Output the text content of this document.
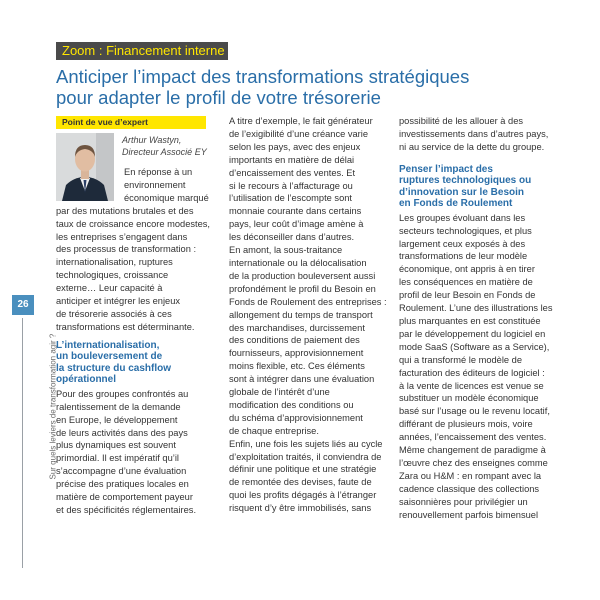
26
Sur quels leviers de transformation agir ?
Zoom : Financement interne
Anticiper l’impact des transformations stratégiques
pour adapter le profil de votre trésorerie
Point de vue d’expert
Arthur Wastyn,
Directeur Associé EY
En réponse à un
environnement
économique marqué
par des mutations brutales et des
taux de croissance encore modestes,
les entreprises s’engagent dans
des processus de transformation :
internationalisation, ruptures
technologiques, croissance
externe… Leur capacité à
anticiper et intégrer les enjeux
de trésorerie associés à ces
transformations est déterminante.
L’internationalisation,
un bouleversement de
la structure du cashflow
opérationnel
Pour des groupes confrontés au
ralentissement de la demande
en Europe, le développement
de leurs activités dans des pays
plus dynamiques est souvent
primordial. Il est impératif qu’il
s’accompagne d’une évaluation
précise des pratiques locales en
matière de comportement payeur
et des spécificités réglementaires.
A titre d’exemple, le fait générateur
de l’exigibilité d’une créance varie
selon les pays, avec des enjeux
importants en matière de délai
d’encaissement des ventes. Et
si le recours à l’affacturage ou
l’utilisation de l’escompte sont
monnaie courante dans certains
pays, leur coût d’image amène à
les déconseiller dans d’autres.
En amont, la sous-traitance
internationale ou la délocalisation
de la production bouleversent aussi
profondément le profil du Besoin en
Fonds de Roulement des entreprises :
allongement du temps de transport
des marchandises, durcissement
des conditions de paiement des
fournisseurs, approvisionnement
moins flexible, etc. Ces éléments
sont à intégrer dans une évaluation
globale de l’intérêt d’une
modification des conditions ou
du schéma d’approvisionnement
de chaque entreprise.
Enfin, une fois les sujets liés au cycle
d’exploitation traités, il conviendra de
définir une politique et une stratégie
de remontée des devises, faute de
quoi les profits dégagés à l’étranger
risquent d’y être immobilisés, sans
possibilité de les allouer à des
investissements dans d’autres pays,
ni au service de la dette du groupe.
Penser l’impact des
ruptures technologiques ou
d’innovation sur le Besoin
en Fonds de Roulement
Les groupes évoluant dans les
secteurs technologiques, et plus
largement ceux exposés à des
transformations de leur modèle
économique, ont appris à en tirer
les conséquences en matière de
profil de leur Besoin en Fonds de
Roulement. L’une des illustrations les
plus marquantes en est constituée
par le développement du logiciel en
mode SaaS (Software as a Service),
qui a transformé le modèle de
facturation des éditeurs de logiciel :
à la vente de licences est venue se
substituer un modèle économique
basé sur l’usage ou le revenu locatif,
différant de plusieurs mois, voire
années, l’encaissement des ventes.
Même changement de paradigme à
l’œuvre chez des enseignes comme
Zara ou H&M : en rompant avec la
cadence classique des collections
saisonnières pour privilégier un
renouvellement parfois bimensuel
